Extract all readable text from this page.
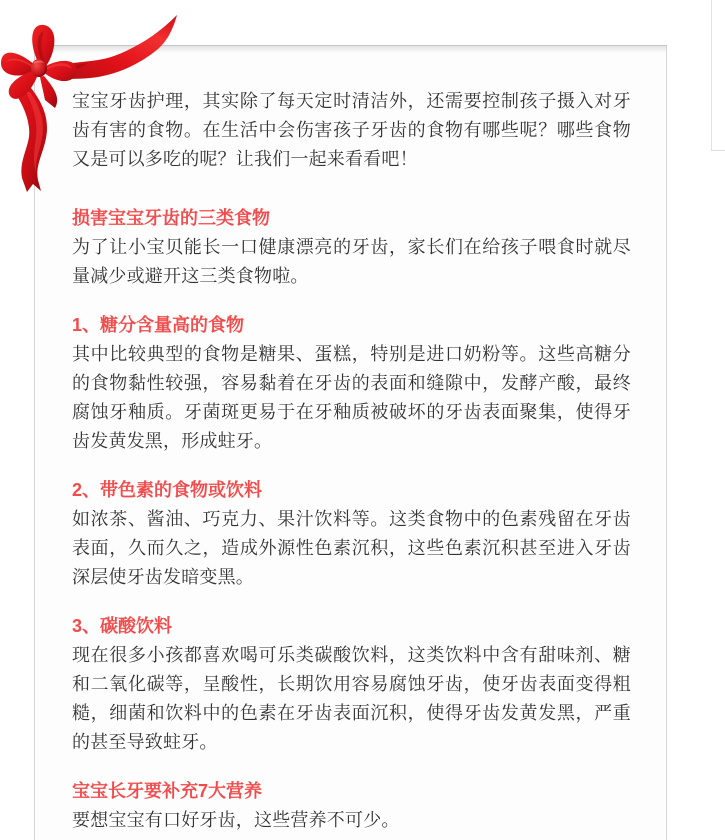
宝宝牙齿护理，其实除了每天定时清洁外，还需要控制孩子摄入对牙齿有害的食物。在生活中会伤害孩子牙齿的食物有哪些呢？哪些食物又是可以多吃的呢？让我们一起来看看吧！

损害宝宝牙齿的三类食物

为了让小宝贝能长一口健康漂亮的牙齿，家长们在给孩子喂食时就尽量减少或避开这三类食物啦。

1、糖分含量高的食物

其中比较典型的食物是糖果、蛋糕，特别是进口奶粉等。这些高糖分的食物黏性较强，容易黏着在牙齿的表面和缝隙中，发酵产酸，最终腐蚀牙釉质。牙菌斑更易于在牙釉质被破坏的牙齿表面聚集，使得牙齿发黄发黑，形成蛀牙。

2、带色素的食物或饮料

如浓茶、酱油、巧克力、果汁饮料等。这类食物中的色素残留在牙齿表面，久而久之，造成外源性色素沉积，这些色素沉积甚至进入牙齿深层使牙齿发暗变黑。

3、碳酸饮料

现在很多小孩都喜欢喝可乐类碳酸饮料，这类饮料中含有甜味剂、糖和二氧化碳等，呈酸性，长期饮用容易腐蚀牙齿，使牙齿表面变得粗糙，细菌和饮料中的色素在牙齿表面沉积，使得牙齿发黄发黑，严重的甚至导致蛀牙。

宝宝长牙要补充7大营养

要想宝宝有口好牙齿，这些营养不可少。
